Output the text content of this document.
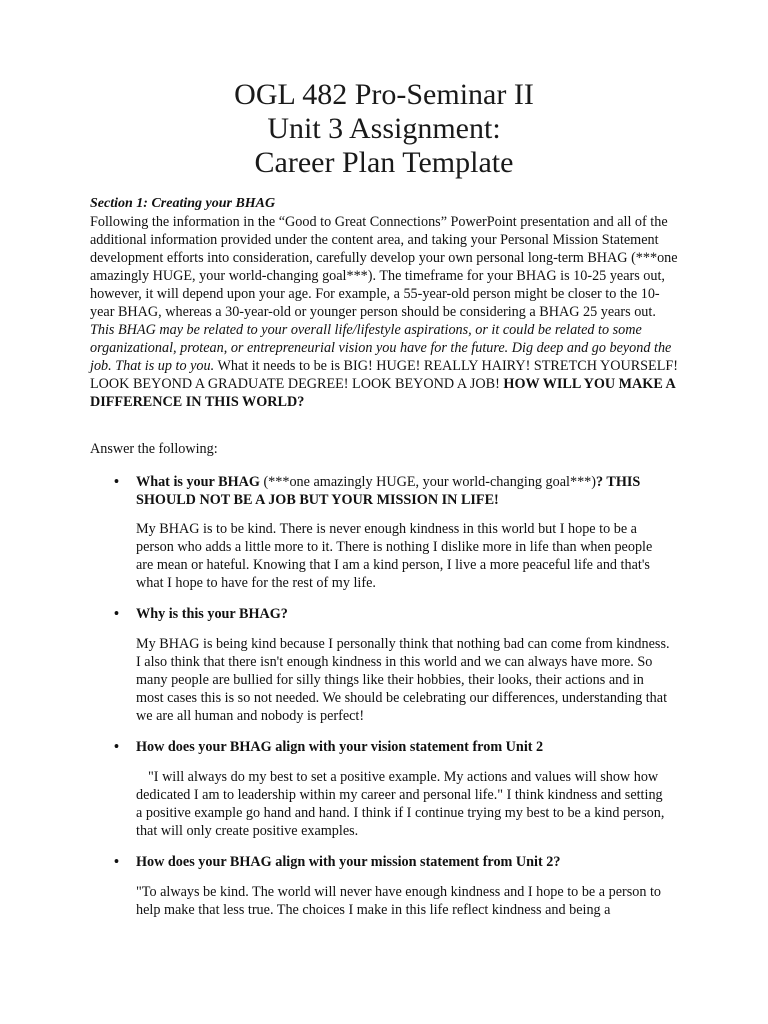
OGL 482 Pro-Seminar II
Unit 3 Assignment:
Career Plan Template
Section 1: Creating your BHAG
Following the information in the “Good to Great Connections” PowerPoint presentation and all of the additional information provided under the content area, and taking your Personal Mission Statement development efforts into consideration, carefully develop your own personal long-term BHAG (***one amazingly HUGE, your world-changing goal***). The timeframe for your BHAG is 10-25 years out, however, it will depend upon your age. For example, a 55-year-old person might be closer to the 10-year BHAG, whereas a 30-year-old or younger person should be considering a BHAG 25 years out. This BHAG may be related to your overall life/lifestyle aspirations, or it could be related to some organizational, protean, or entrepreneurial vision you have for the future. Dig deep and go beyond the job. That is up to you. What it needs to be is BIG! HUGE! REALLY HAIRY! STRETCH YOURSELF! LOOK BEYOND A GRADUATE DEGREE! LOOK BEYOND A JOB! HOW WILL YOU MAKE A DIFFERENCE IN THIS WORLD?
Answer the following:
• What is your BHAG (***one amazingly HUGE, your world-changing goal***)? THIS SHOULD NOT BE A JOB BUT YOUR MISSION IN LIFE!
My BHAG is to be kind. There is never enough kindness in this world but I hope to be a person who adds a little more to it. There is nothing I dislike more in life than when people are mean or hateful. Knowing that I am a kind person, I live a more peaceful life and that's what I hope to have for the rest of my life.
• Why is this your BHAG?
My BHAG is being kind because I personally think that nothing bad can come from kindness. I also think that there isn't enough kindness in this world and we can always have more. So many people are bullied for silly things like their hobbies, their looks, their actions and in most cases this is so not needed. We should be celebrating our differences, understanding that we are all human and nobody is perfect!
• How does your BHAG align with your vision statement from Unit 2
"I will always do my best to set a positive example. My actions and values will show how dedicated I am to leadership within my career and personal life." I think kindness and setting a positive example go hand and hand. I think if I continue trying my best to be a kind person, that will only create positive examples.
• How does your BHAG align with your mission statement from Unit 2?
"To always be kind. The world will never have enough kindness and I hope to be a person to help make that less true. The choices I make in this life reflect kindness and being a
